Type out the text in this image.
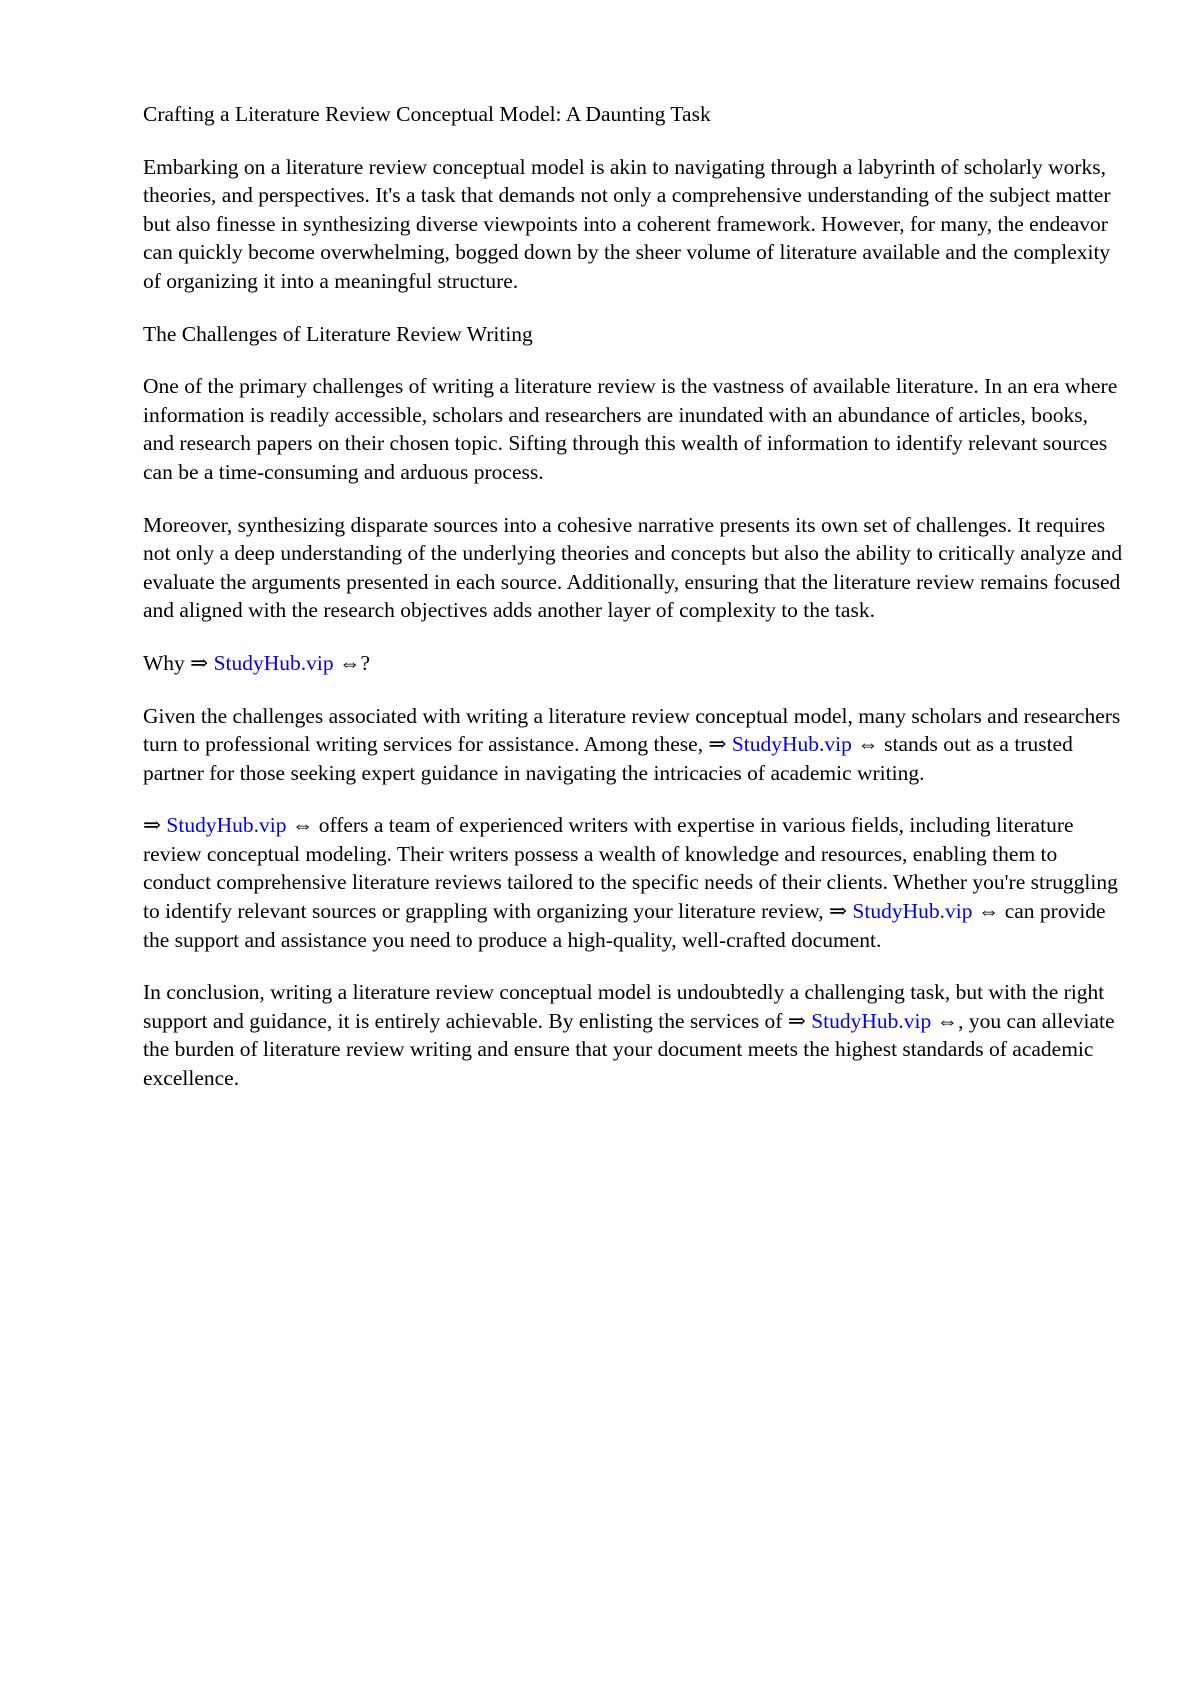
Crafting a Literature Review Conceptual Model: A Daunting Task

Embarking on a literature review conceptual model is akin to navigating through a labyrinth of scholarly works, theories, and perspectives. It's a task that demands not only a comprehensive understanding of the subject matter but also finesse in synthesizing diverse viewpoints into a coherent framework. However, for many, the endeavor can quickly become overwhelming, bogged down by the sheer volume of literature available and the complexity of organizing it into a meaningful structure.

The Challenges of Literature Review Writing

One of the primary challenges of writing a literature review is the vastness of available literature. In an era where information is readily accessible, scholars and researchers are inundated with an abundance of articles, books, and research papers on their chosen topic. Sifting through this wealth of information to identify relevant sources can be a time-consuming and arduous process.

Moreover, synthesizing disparate sources into a cohesive narrative presents its own set of challenges. It requires not only a deep understanding of the underlying theories and concepts but also the ability to critically analyze and evaluate the arguments presented in each source. Additionally, ensuring that the literature review remains focused and aligned with the research objectives adds another layer of complexity to the task.

Why ⇒ StudyHub.vip ⇔?

Given the challenges associated with writing a literature review conceptual model, many scholars and researchers turn to professional writing services for assistance. Among these, ⇒ StudyHub.vip ⇔ stands out as a trusted partner for those seeking expert guidance in navigating the intricacies of academic writing.

⇒ StudyHub.vip ⇔ offers a team of experienced writers with expertise in various fields, including literature review conceptual modeling. Their writers possess a wealth of knowledge and resources, enabling them to conduct comprehensive literature reviews tailored to the specific needs of their clients. Whether you're struggling to identify relevant sources or grappling with organizing your literature review, ⇒ StudyHub.vip ⇔ can provide the support and assistance you need to produce a high-quality, well-crafted document.

In conclusion, writing a literature review conceptual model is undoubtedly a challenging task, but with the right support and guidance, it is entirely achievable. By enlisting the services of ⇒ StudyHub.vip ⇔, you can alleviate the burden of literature review writing and ensure that your document meets the highest standards of academic excellence.
